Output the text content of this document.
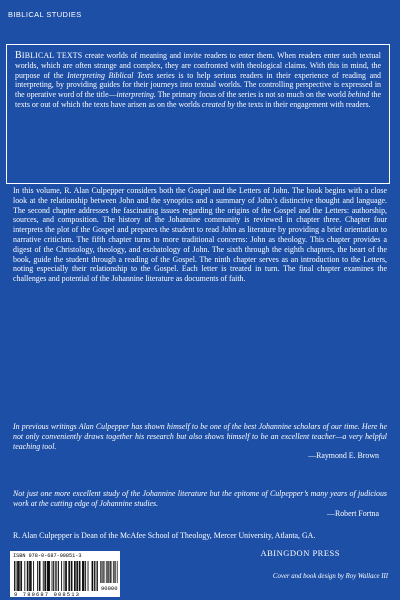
BIBLICAL STUDIES

BIBLICAL TEXTS create worlds of meaning and invite readers to enter them. When readers enter such textual worlds, which are often strange and complex, they are confronted with theological claims. With this in mind, the purpose of the Interpreting Biblical Texts series is to help serious readers in their experience of reading and interpreting, by providing guides for their journeys into textual worlds. The controlling perspective is expressed in the operative word of the title—interpreting. The primary focus of the series is not so much on the world behind the texts or out of which the texts have arisen as on the worlds created by the texts in their engagement with readers.

In this volume, R. Alan Culpepper considers both the Gospel and the Letters of John. The book begins with a close look at the relationship between John and the synoptics and a summary of John’s distinctive thought and language. The second chapter addresses the fascinating issues regarding the origins of the Gospel and the Letters: authorship, sources, and composition. The history of the Johannine community is reviewed in chapter three. Chapter four interprets the plot of the Gospel and prepares the student to read John as literature by providing a brief orientation to narrative criticism. The fifth chapter turns to more traditional concerns: John as theology. This chapter provides a digest of the Christology, theology, and eschatology of John. The sixth through the eighth chapters, the heart of the book, guide the student through a reading of the Gospel. The ninth chapter serves as an introduction to the Letters, noting especially their relationship to the Gospel. Each letter is treated in turn. The final chapter examines the challenges and potential of the Johannine literature as documents of faith.

In previous writings Alan Culpepper has shown himself to be one of the best Johannine scholars of our time. Here he not only conveniently draws together his research but also shows himself to be an excellent teacher—a very helpful teaching tool.

—Raymond E. Brown

Not just one more excellent study of the Johannine literature but the epitome of Culpepper’s many years of judicious work at the cutting edge of Johannine studies.

—Robert Fortna

R. Alan Culpepper is Dean of the McAfee School of Theology, Mercer University, Atlanta, GA.

ISBN 978-0-687-00851-3
9 780687 008513
90000
ABINGDON PRESS
Cover and book design by Roy Wallace III
